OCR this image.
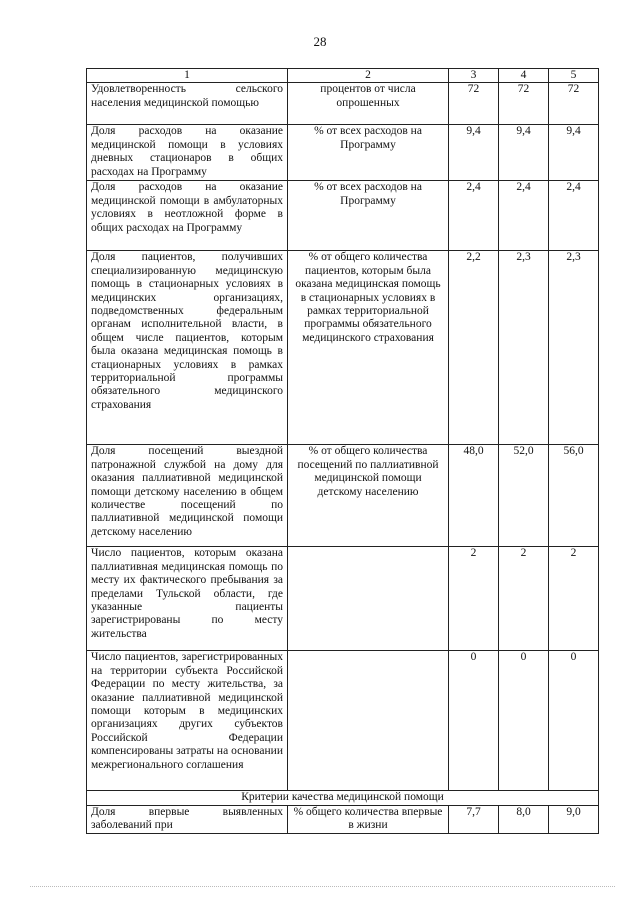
28
1	2	3	4	5
Удовлетворенность сельского населения медицинской помощью	процентов от числа опрошенных	72	72	72
Доля расходов на оказание медицинской помощи в условиях дневных стационаров в общих расходах на Программу	% от всех расходов на Программу	9,4	9,4	9,4
Доля расходов на оказание медицинской помощи в амбулаторных условиях в неотложной форме в общих расходах на Программу	% от всех расходов на Программу	2,4	2,4	2,4
Доля пациентов, получивших специализированную медицинскую помощь в стационарных условиях в медицинских организациях, подведомственных федеральным органам исполнительной власти, в общем числе пациентов, которым была оказана медицинская помощь в стационарных условиях в рамках территориальной программы обязательного медицинского страхования	% от общего количества пациентов, которым была оказана медицинская помощь в стационарных условиях в рамках территориальной программы обязательного медицинского страхования	2,2	2,3	2,3
Доля посещений выездной патронажной службой на дому для оказания паллиативной медицинской помощи детскому населению в общем количестве посещений по паллиативной медицинской помощи детскому населению	% от общего количества посещений по паллиативной медицинской помощи детскому населению	48,0	52,0	56,0
Число пациентов, которым оказана паллиативная медицинская помощь по месту их фактического пребывания за пределами Тульской области, где указанные пациенты зарегистрированы по месту жительства		2	2	2
Число пациентов, зарегистрированных на территории субъекта Российской Федерации по месту жительства, за оказание паллиативной медицинской помощи которым в медицинских организациях других субъектов Российской Федерации компенсированы затраты на основании межрегионального соглашения		0	0	0
Критерии качества медицинской помощи				
Доля впервые выявленных заболеваний при	% общего количества впервые в жизни	7,7	8,0	9,0
